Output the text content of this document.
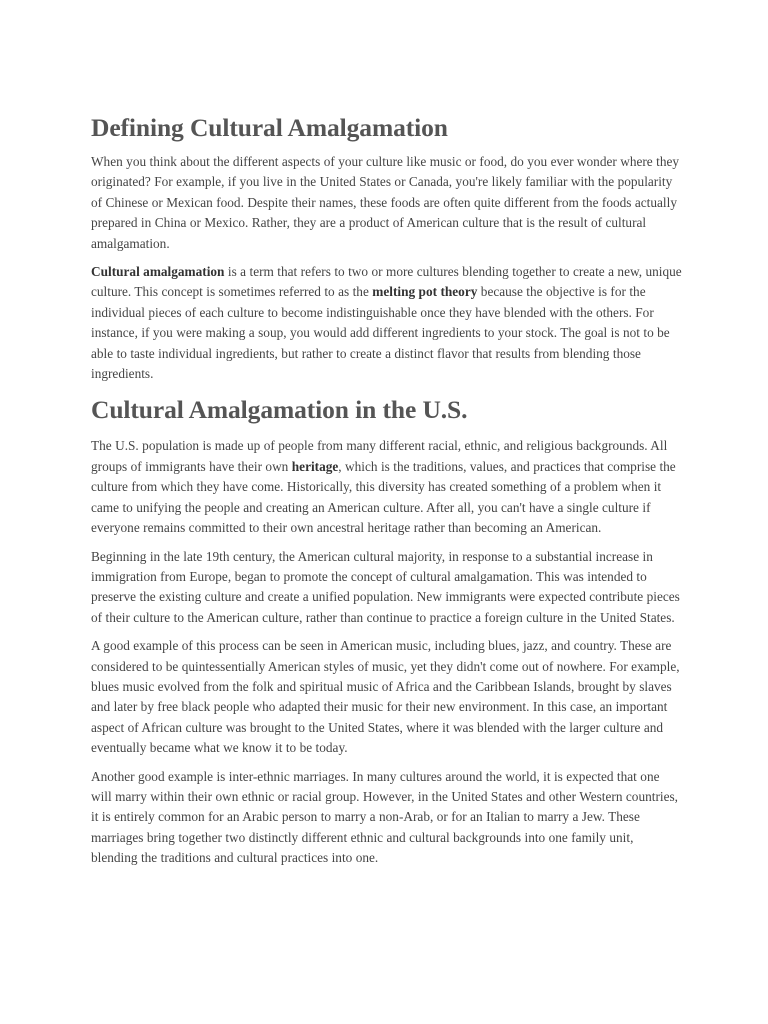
Defining Cultural Amalgamation

When you think about the different aspects of your culture like music or food, do you ever wonder where they originated? For example, if you live in the United States or Canada, you're likely familiar with the popularity of Chinese or Mexican food. Despite their names, these foods are often quite different from the foods actually prepared in China or Mexico. Rather, they are a product of American culture that is the result of cultural amalgamation.

Cultural amalgamation is a term that refers to two or more cultures blending together to create a new, unique culture. This concept is sometimes referred to as the melting pot theory because the objective is for the individual pieces of each culture to become indistinguishable once they have blended with the others. For instance, if you were making a soup, you would add different ingredients to your stock. The goal is not to be able to taste individual ingredients, but rather to create a distinct flavor that results from blending those ingredients.

Cultural Amalgamation in the U.S.

The U.S. population is made up of people from many different racial, ethnic, and religious backgrounds. All groups of immigrants have their own heritage, which is the traditions, values, and practices that comprise the culture from which they have come. Historically, this diversity has created something of a problem when it came to unifying the people and creating an American culture. After all, you can't have a single culture if everyone remains committed to their own ancestral heritage rather than becoming an American.

Beginning in the late 19th century, the American cultural majority, in response to a substantial increase in immigration from Europe, began to promote the concept of cultural amalgamation. This was intended to preserve the existing culture and create a unified population. New immigrants were expected contribute pieces of their culture to the American culture, rather than continue to practice a foreign culture in the United States.

A good example of this process can be seen in American music, including blues, jazz, and country. These are considered to be quintessentially American styles of music, yet they didn't come out of nowhere. For example, blues music evolved from the folk and spiritual music of Africa and the Caribbean Islands, brought by slaves and later by free black people who adapted their music for their new environment. In this case, an important aspect of African culture was brought to the United States, where it was blended with the larger culture and eventually became what we know it to be today.

Another good example is inter-ethnic marriages. In many cultures around the world, it is expected that one will marry within their own ethnic or racial group. However, in the United States and other Western countries, it is entirely common for an Arabic person to marry a non-Arab, or for an Italian to marry a Jew. These marriages bring together two distinctly different ethnic and cultural backgrounds into one family unit, blending the traditions and cultural practices into one.
